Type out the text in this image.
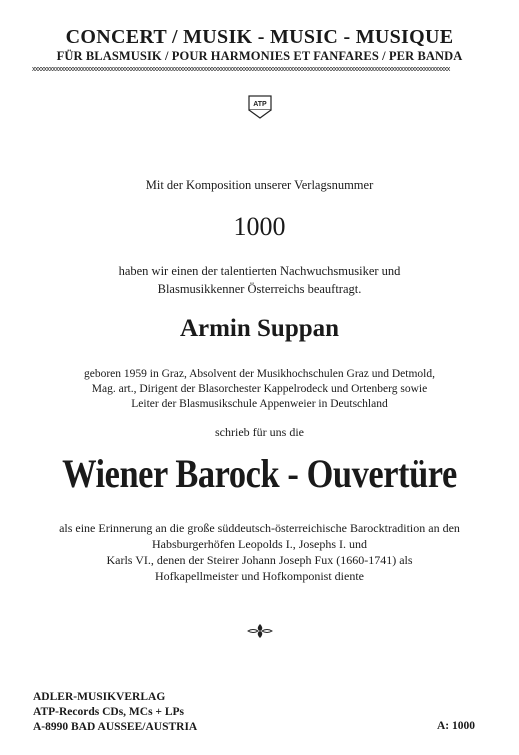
CONCERT / MUSIK - MUSIC - MUSIQUE
FÜR BLASMUSIK / POUR HARMONIES ET FANFARES / PER BANDA
xxxxxxxxxxxxxxxxxxxxxxxxxxxxxxxxxxxxxxxxxxxxxxxxxxxxxxxxxxxxxxxxxxxxxxxxxxxxxxxxxxxxxxxxxxxxxxxxxxxxxxxxxxxxxxxxxxxxxxxxxxxxxxxxxxxxxxxxxxxxxxxx
ATP
Mit der Komposition unserer Verlagsnummer
1000
haben wir einen der talentierten Nachwuchsmusiker und
Blasmusikkenner Österreichs beauftragt.
Armin Suppan
geboren 1959 in Graz, Absolvent der Musikhochschulen Graz und Detmold,
Mag. art., Dirigent der Blasorchester Kappelrodeck und Ortenberg sowie
Leiter der Blasmusikschule Appenweier in Deutschland
schrieb für uns die
Wiener Barock - Ouvertüre
als eine Erinnerung an die große süddeutsch-österreichische Barocktradition an den
Habsburgerhöfen Leopolds I., Josephs I. und
Karls VI., denen der Steirer Johann Joseph Fux (1660-1741) als
Hofkapellmeister und Hofkomponist diente
ADLER-MUSIKVERLAG
ATP-Records CDs, MCs + LPs
A-8990 BAD AUSSEE/AUSTRIA	A: 1000
